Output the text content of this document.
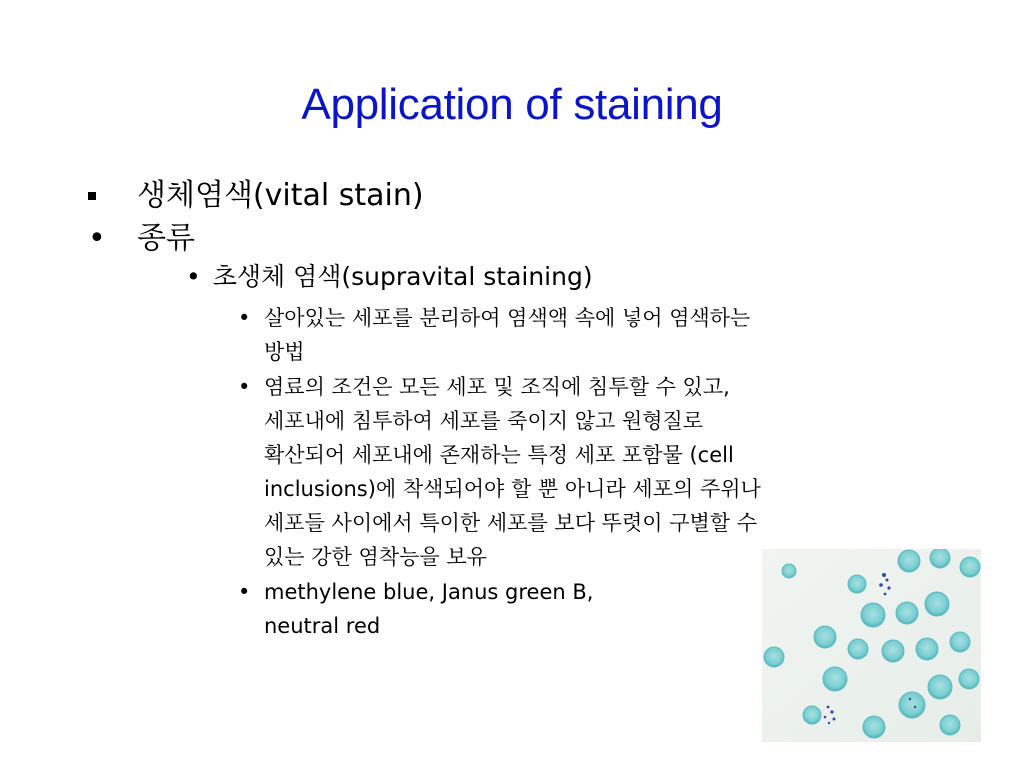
Application of staining
생체염색(vital stain)
• 종류
• 초생체 염색(supravital staining)
• 살아있는 세포를 분리하여 염색액 속에 넣어 염색하는
방법
• 염료의 조건은 모든 세포 및 조직에 침투할 수 있고,
세포내에 침투하여 세포를 죽이지 않고 원형질로
확산되어 세포내에 존재하는 특정 세포 포함물 (cell
inclusions)에 착색되어야 할 뿐 아니라 세포의 주위나
세포들 사이에서 특이한 세포를 보다 뚜렷이 구별할 수
있는 강한 염착능을 보유
• methylene blue, Janus green B,
neutral red
